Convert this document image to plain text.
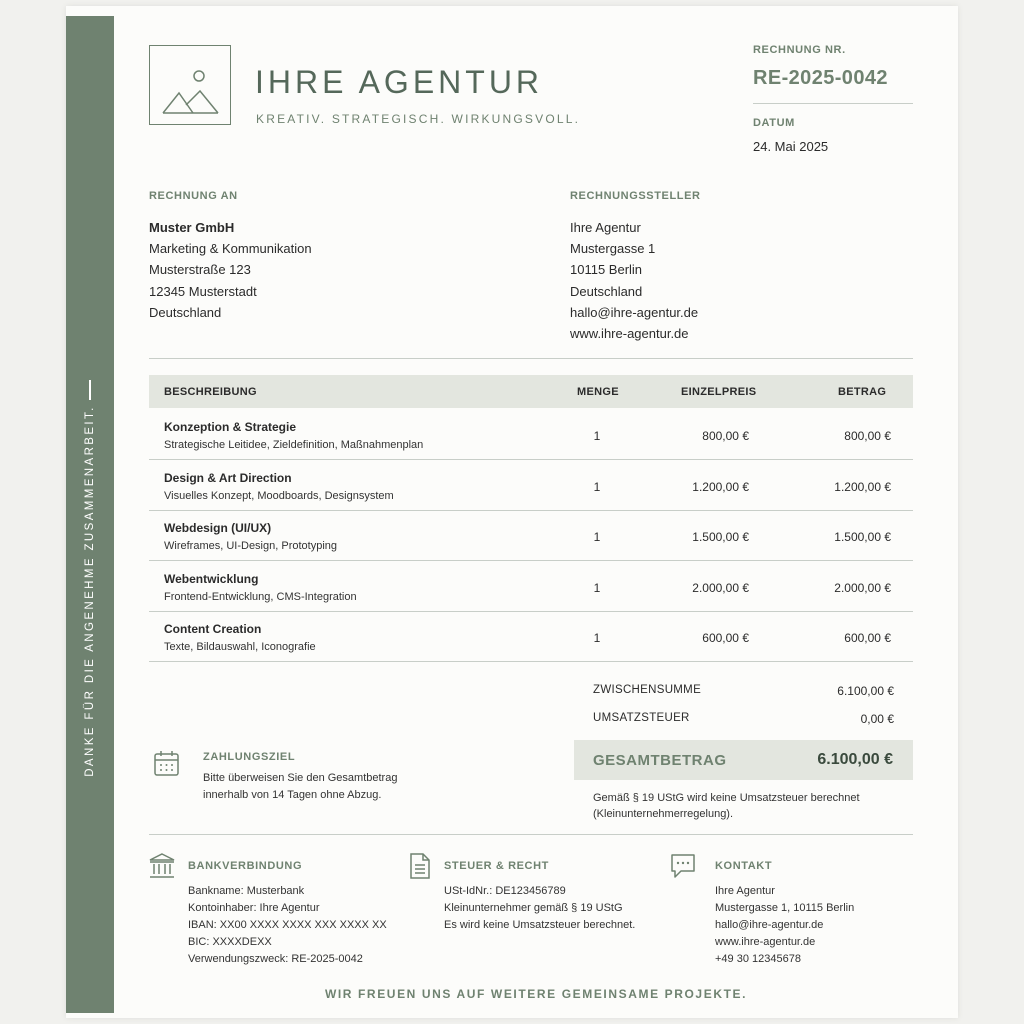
DANKE FÜR DIE ANGENEHME ZUSAMMENARBEIT.
IHRE AGENTUR
KREATIV. STRATEGISCH. WIRKUNGSVOLL.
RECHNUNG NR.
RE-2025-0042
DATUM
24. Mai 2025
RECHNUNG AN
Muster GmbH
Marketing & Kommunikation
Musterstraße 123
12345 Musterstadt
Deutschland
RECHNUNGSSTELLER
Ihre Agentur
Mustergasse 1
10115 Berlin
Deutschland
hallo@ihre-agentur.de
www.ihre-agentur.de
BESCHREIBUNG	MENGE	EINZELPREIS	BETRAG
Konzeption & Strategie
Strategische Leitidee, Zieldefinition, Maßnahmenplan
1	800,00 €	800,00 €
Design & Art Direction
Visuelles Konzept, Moodboards, Designsystem
1	1.200,00 €	1.200,00 €
Webdesign (UI/UX)
Wireframes, UI-Design, Prototyping
1	1.500,00 €	1.500,00 €
Webentwicklung
Frontend-Entwicklung, CMS-Integration
1	2.000,00 €	2.000,00 €
Content Creation
Texte, Bildauswahl, Iconografie
1	600,00 €	600,00 €
ZWISCHENSUMME	6.100,00 €
UMSATZSTEUER	0,00 €
GESAMTBETRAG	6.100,00 €
Gemäß § 19 UStG wird keine Umsatzsteuer berechnet (Kleinunternehmerregelung).
ZAHLUNGSZIEL
Bitte überweisen Sie den Gesamtbetrag innerhalb von 14 Tagen ohne Abzug.
BANKVERBINDUNG
Bankname: Musterbank
Kontoinhaber: Ihre Agentur
IBAN: XX00 XXXX XXXX XXX XXXX XX
BIC: XXXXDEXX
Verwendungszweck: RE-2025-0042
STEUER & RECHT
USt-IdNr.: DE123456789
Kleinunternehmer gemäß § 19 UStG
Es wird keine Umsatzsteuer berechnet.
KONTAKT
Ihre Agentur
Mustergasse 1, 10115 Berlin
hallo@ihre-agentur.de
www.ihre-agentur.de
+49 30 12345678
WIR FREUEN UNS AUF WEITERE GEMEINSAME PROJEKTE.
